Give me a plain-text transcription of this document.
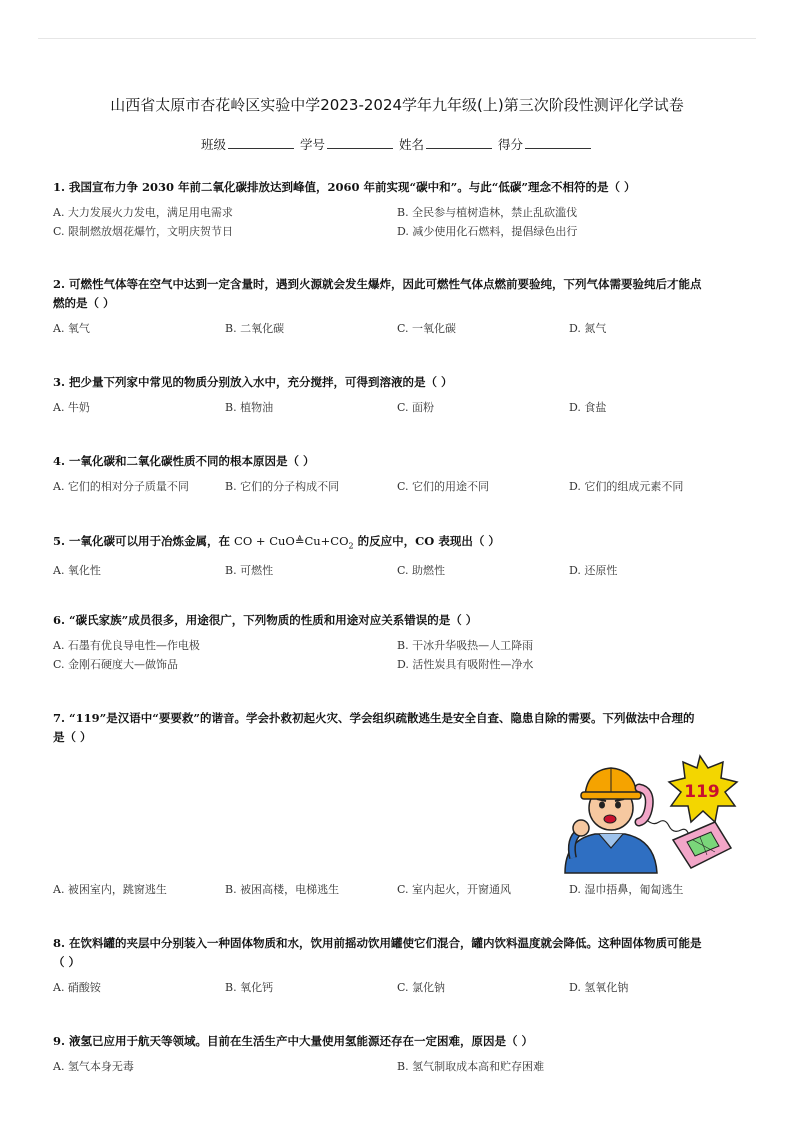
山西省太原市杏花岭区实验中学2023-2024学年九年级(上)第三次阶段性测评化学试卷
班级	学号	姓名	得分
1. 我国宣布力争 2030 年前二氧化碳排放达到峰值，2060 年前实现“碳中和”。与此“低碳”理念不相符的是（ ）
A. 大力发展火力发电，满足用电需求	B. 全民参与植树造林，禁止乱砍滥伐
C. 限制燃放烟花爆竹，文明庆贺节日	D. 减少使用化石燃料，提倡绿色出行
2. 可燃性气体等在空气中达到一定含量时，遇到火源就会发生爆炸，因此可燃性气体点燃前要验纯，下列气体需要验纯后才能点
燃的是（ ）
A. 氧气	B. 二氧化碳	C. 一氧化碳	D. 氮气
3. 把少量下列家中常见的物质分别放入水中，充分搅拌，可得到溶液的是（ ）
A. 牛奶	B. 植物油	C. 面粉	D. 食盐
4. 一氧化碳和二氧化碳性质不同的根本原因是（ ）
A. 它们的相对分子质量不同	B. 它们的分子构成不同	C. 它们的用途不同	D. 它们的组成元素不同
5. 一氧化碳可以用于冶炼金属，在 CO + $CuO≜Cu+CO_2$ 的反应中，CO 表现出（ ）
A. 氧化性	B. 可燃性	C. 助燃性	D. 还原性
6. “碳氏家族”成员很多，用途很广，下列物质的性质和用途对应关系错误的是（ ）
A. 石墨有优良导电性—作电极	B. 干冰升华吸热—人工降雨
C. 金刚石硬度大—做饰品	D. 活性炭具有吸附性—净水
7. “119”是汉语中“要要救”的谐音。学会扑救初起火灾、学会组织疏散逃生是安全自查、隐患自除的需要。下列做法中合理的
是（ ）
119
A. 被困室内，跳窗逃生	B. 被困高楼，电梯逃生	C. 室内起火，开窗通风	D. 湿巾捂鼻，匍匐逃生
8. 在饮料罐的夹层中分别装入一种固体物质和水，饮用前摇动饮用罐使它们混合，罐内饮料温度就会降低。这种固体物质可能是
（ ）
A. 硝酸铵	B. 氧化钙	C. 氯化钠	D. 氢氧化钠
9. 液氢已应用于航天等领域。目前在生活生产中大量使用氢能源还存在一定困难，原因是（ ）
A. 氢气本身无毒	B. 氢气制取成本高和贮存困难
